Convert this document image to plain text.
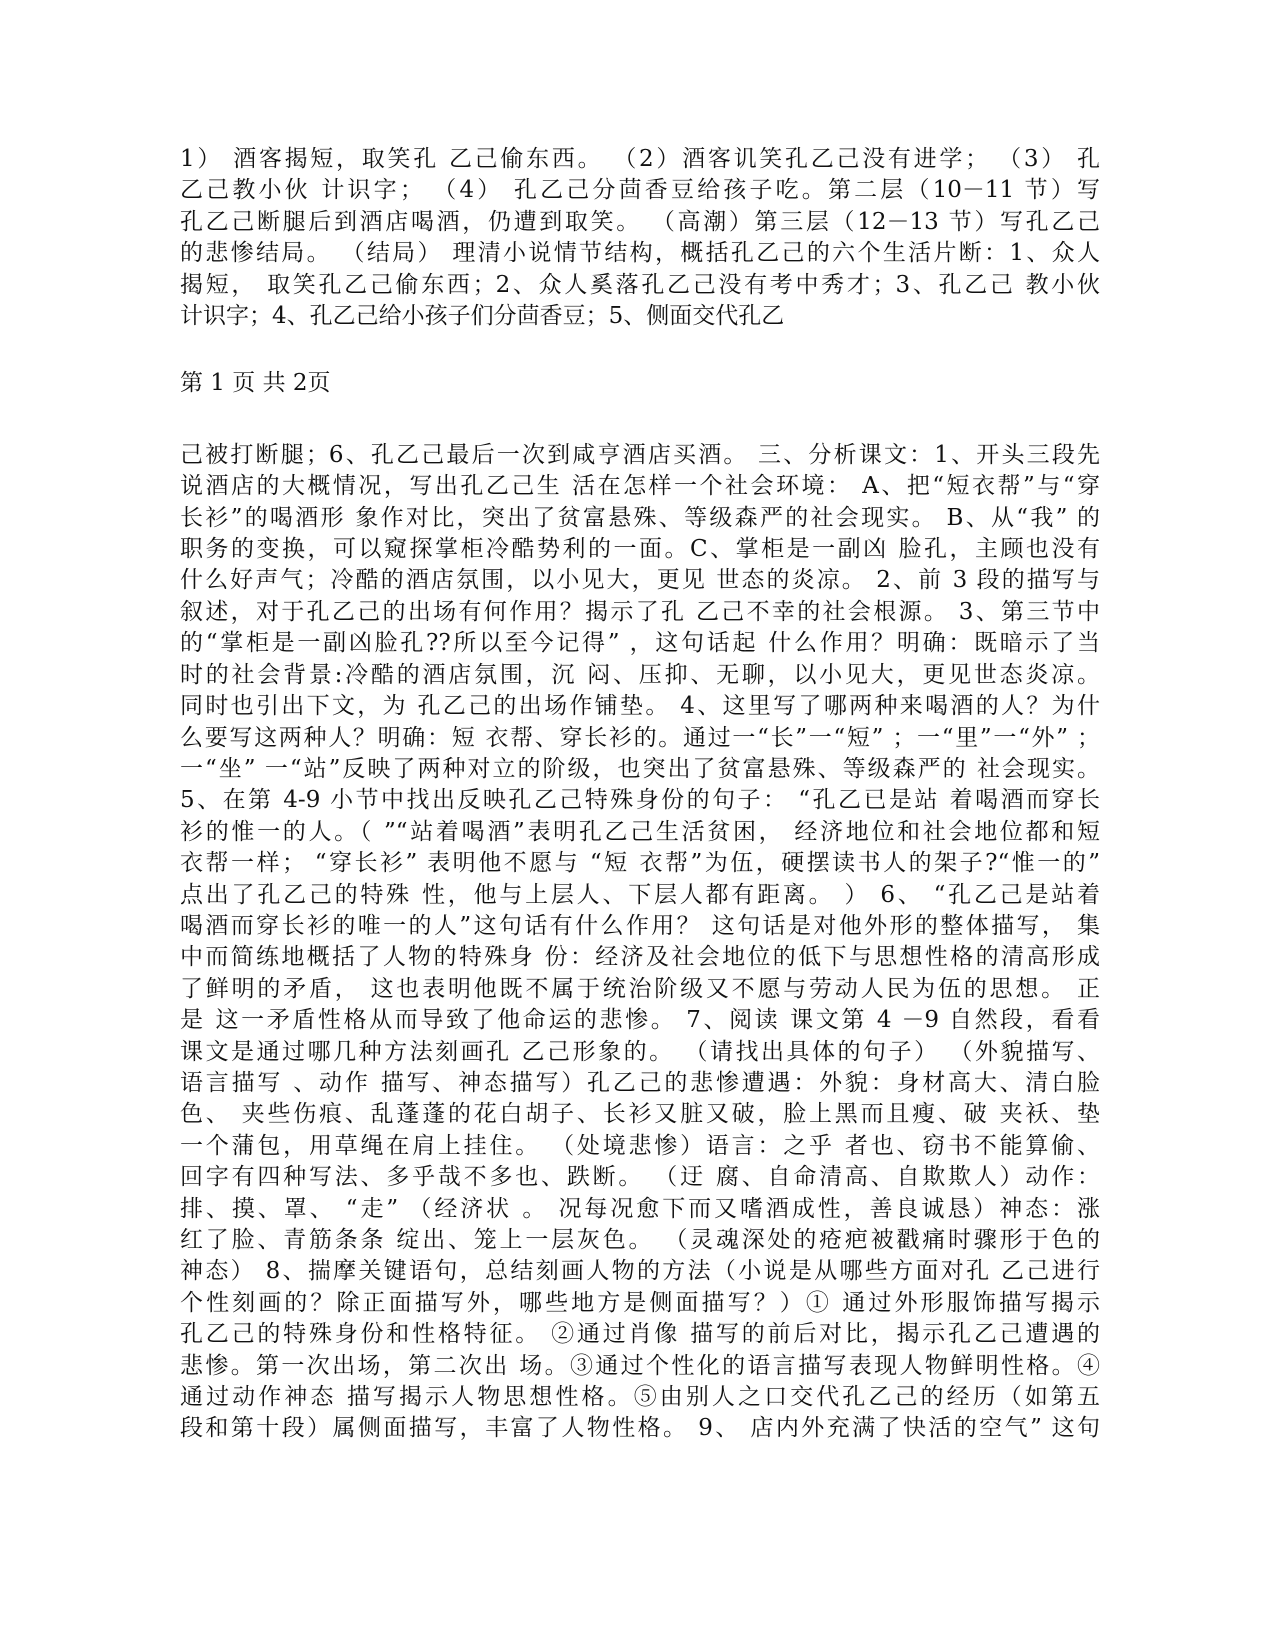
1） 酒客揭短，取笑孔 乙己偷东西。 （2）酒客讥笑孔乙己没有进学； （3） 孔
乙己教小伙 计识字； （4） 孔乙己分茴香豆给孩子吃。第二层（10－11 节）写
孔乙己断腿后到酒店喝酒，仍遭到取笑。 （高潮）第三层（12－13 节）写孔乙己
的悲惨结局。 （结局） 理清小说情节结构，概括孔乙己的六个生活片断：1、众人
揭短， 取笑孔乙己偷东西；2、众人奚落孔乙己没有考中秀才；3、孔乙己 教小伙
计识字；4、孔乙己给小孩子们分茴香豆；5、侧面交代孔乙
第 1 页 共 2页
己被打断腿；6、孔乙己最后一次到咸亨酒店买酒。 三、分析课文：1、开头三段先
说酒店的大概情况，写出孔乙己生 活在怎样一个社会环境： A、把“短衣帮”与“穿
长衫”的喝酒形 象作对比，突出了贫富悬殊、等级森严的社会现实。 B、从“我” 的
职务的变换，可以窥探掌柜冷酷势利的一面。C、掌柜是一副凶 脸孔，主顾也没有
什么好声气；冷酷的酒店氛围，以小见大，更见 世态的炎凉。 2、前 3 段的描写与
叙述，对于孔乙己的出场有何作用？揭示了孔 乙己不幸的社会根源。 3、第三节中
的“掌柜是一副凶脸孔??所以至今记得” ，这句话起 什么作用？明确：既暗示了当
时的社会背景:冷酷的酒店氛围，沉 闷、压抑、无聊，以小见大，更见世态炎凉。
同时也引出下文，为 孔乙己的出场作铺垫。 4、这里写了哪两种来喝酒的人？为什
么要写这两种人？明确：短 衣帮、穿长衫的。通过一“长”一“短” ；一“里”一“外” ；
一“坐” 一“站”反映了两种对立的阶级，也突出了贫富悬殊、等级森严的 社会现实。
5、在第 4-9 小节中找出反映孔乙己特殊身份的句子： “孔乙已是站 着喝酒而穿长
衫的惟一的人。（ ”“站着喝酒”表明孔乙己生活贫困， 经济地位和社会地位都和短
衣帮一样； “穿长衫” 表明他不愿与 “短 衣帮”为伍，硬摆读书人的架子?“惟一的”
点出了孔乙己的特殊 性，他与上层人、下层人都有距离。 ） 6、 “孔乙己是站着
喝酒而穿长衫的唯一的人”这句话有什么作用？ 这句话是对他外形的整体描写， 集
中而简练地概括了人物的特殊身 份：经济及社会地位的低下与思想性格的清高形成
了鲜明的矛盾， 这也表明他既不属于统治阶级又不愿与劳动人民为伍的思想。 正
是 这一矛盾性格从而导致了他命运的悲惨。 7、阅读 课文第 4 －9 自然段，看看
课文是通过哪几种方法刻画孔 乙己形象的。 （请找出具体的句子） （外貌描写、
语言描写 、动作 描写、神态描写）孔乙己的悲惨遭遇：外貌：身材高大、清白脸
色、 夹些伤痕、乱蓬蓬的花白胡子、长衫又脏又破，脸上黑而且瘦、破 夹袄、垫
一个蒲包，用草绳在肩上挂住。 （处境悲惨）语言：之乎 者也、窃书不能算偷、
回字有四种写法、多乎哉不多也、跌断。 （迂 腐、自命清高、自欺欺人）动作：
排、摸、罩、 “走” （经济状 。 况每况愈下而又嗜酒成性，善良诚恳）神态：涨
红了脸、青筋条条 绽出、笼上一层灰色。 （灵魂深处的疮疤被戳痛时骤形于色的
神态） 8、揣摩关键语句，总结刻画人物的方法（小说是从哪些方面对孔 乙己进行
个性刻画的？除正面描写外，哪些地方是侧面描写？）① 通过外形服饰描写揭示
孔乙己的特殊身份和性格特征。 ②通过肖像 描写的前后对比，揭示孔乙己遭遇的
悲惨。第一次出场，第二次出 场。③通过个性化的语言描写表现人物鲜明性格。④
通过动作神态 描写揭示人物思想性格。⑤由别人之口交代孔乙己的经历（如第五
段和第十段）属侧面描写，丰富了人物性格。 9、 店内外充满了快活的空气” 这句
